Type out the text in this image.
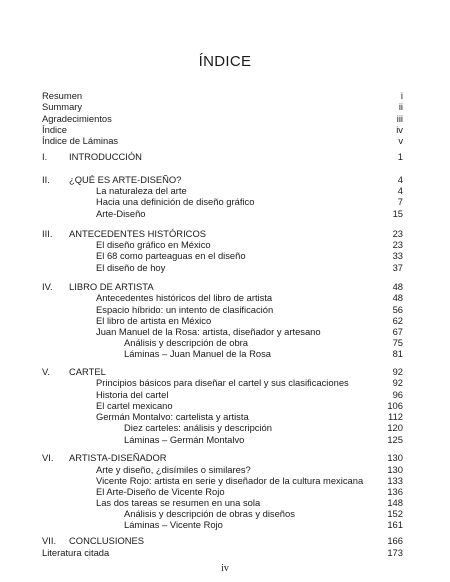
ÍNDICE
Resumen	i
Summary	ii
Agradecimientos	iii
Índice	iv
Índice de Láminas	v
I. INTRODUCCIÓN	1
II. ¿QUÉ ES ARTE-DISEÑO?	4
La naturaleza del arte	4
Hacia una definición de diseño gráfico	7
Arte-Diseño	15
III. ANTECEDENTES HISTÓRICOS	23
El diseño gráfico en México	23
El 68 como parteaguas en el diseño	33
El diseño de hoy	37
IV. LIBRO DE ARTISTA	48
Antecedentes históricos del libro de artista	48
Espacio híbrido: un intento de clasificación	56
El libro de artista en México	62
Juan Manuel de la Rosa: artista, diseñador y artesano	67
Análisis y descripción de obra	75
Láminas – Juan Manuel de la Rosa	81
V. CARTEL	92
Principios básicos para diseñar el cartel y sus clasificaciones	92
Historia del cartel	96
El cartel mexicano	106
Germán Montalvo: cartelista y artista	112
Diez carteles: análisis y descripción	120
Láminas – Germán Montalvo	125
VI. ARTISTA-DISEÑADOR	130
Arte y diseño, ¿disímiles o similares?	130
Vicente Rojo: artista en serie y diseñador de la cultura mexicana	133
El Arte-Diseño de Vicente Rojo	136
Las dos tareas se resumen en una sola	148
Análisis y descripción de obras y diseños	152
Láminas – Vicente Rojo	161
VII. CONCLUSIONES	166
Literatura citada	173
iv
